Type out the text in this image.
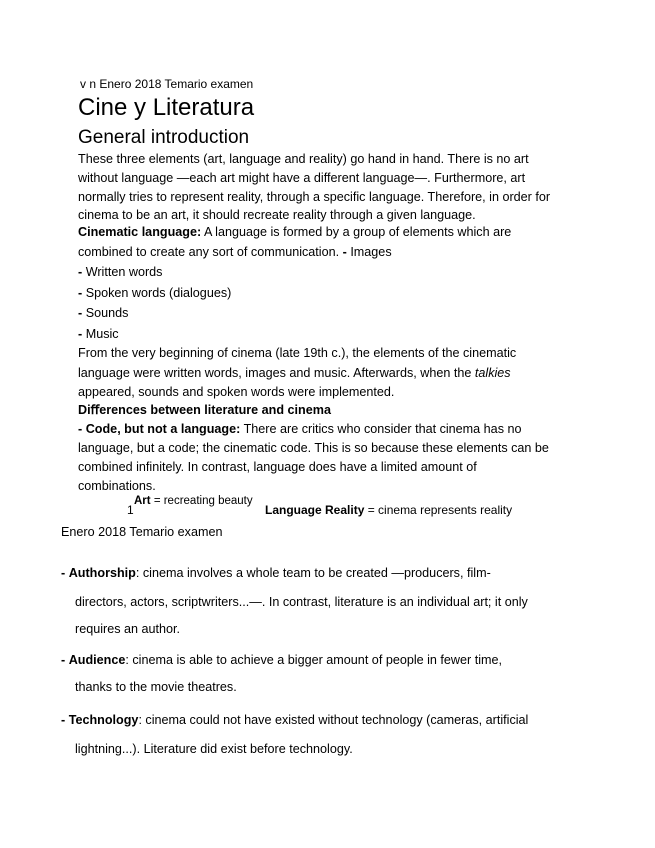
v n Enero 2018 Temario examen
Cine y Literatura
General introduction
These three elements (art, language and reality) go hand in hand. There is no art
without language —each art might have a different language—. Furthermore, art
normally tries to represent reality, through a specific language. Therefore, in order for
cinema to be an art, it should recreate reality through a given language.
Cinematic language: A language is formed by a group of elements which are
combined to create any sort of communication. - Images
- Written words
- Spoken words (dialogues)
- Sounds
- Music
From the very beginning of cinema (late 19th c.), the elements of the cinematic
language were written words, images and music. Afterwards, when the talkies
appeared, sounds and spoken words were implemented.
Diﬀerences between literature and cinema
- Code, but not a language: There are critics who consider that cinema has no
language, but a code; the cinematic code. This is so because these elements can be
combined infinitely. In contrast, language does have a limited amount of
combinations.
1
Art = recreating beauty
Language Reality = cinema represents reality
Enero 2018 Temario examen
- Authorship: cinema involves a whole team to be created —producers, film-
directors, actors, scriptwriters...—. In contrast, literature is an individual art; it only
requires an author.
- Audience: cinema is able to achieve a bigger amount of people in fewer time,
thanks to the movie theatres.
- Technology: cinema could not have existed without technology (cameras, artificial
lightning...). Literature did exist before technology.
